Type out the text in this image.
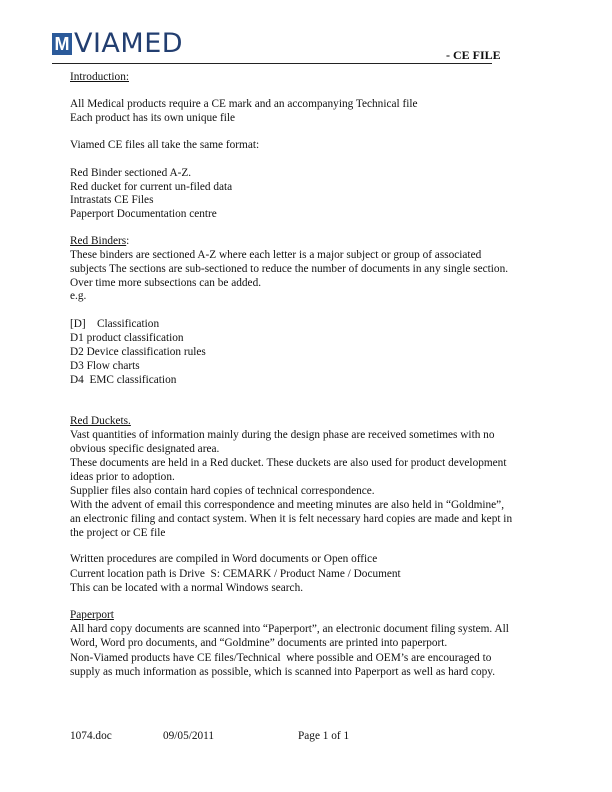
M VIAMED	- CE FILE
Introduction:
All Medical products require a CE mark and an accompanying Technical file
Each product has its own unique file
Viamed CE files all take the same format:
Red Binder sectioned A-Z.
Red ducket for current un-filed data
Intrastats CE Files
Paperport Documentation centre
Red Binders:
These binders are sectioned A-Z where each letter is a major subject or group of associated
subjects The sections are sub-sectioned to reduce the number of documents in any single section.
Over time more subsections can be added.
e.g.
[D]    Classification
D1 product classification
D2 Device classification rules
D3 Flow charts
D4  EMC classification
Red Duckets.
Vast quantities of information mainly during the design phase are received sometimes with no
obvious specific designated area.
These documents are held in a Red ducket. These duckets are also used for product development
ideas prior to adoption.
Supplier files also contain hard copies of technical correspondence.
With the advent of email this correspondence and meeting minutes are also held in “Goldmine”,
an electronic filing and contact system. When it is felt necessary hard copies are made and kept in
the project or CE file
Written procedures are compiled in Word documents or Open office
Current location path is Drive  S: CEMARK / Product Name / Document
This can be located with a normal Windows search.
Paperport
All hard copy documents are scanned into “Paperport”, an electronic document filing system. All
Word, Word pro documents, and “Goldmine” documents are printed into paperport.
Non-Viamed products have CE files/Technical  where possible and OEM’s are encouraged to
supply as much information as possible, which is scanned into Paperport as well as hard copy.
1074.doc	09/05/2011	Page 1 of 1
